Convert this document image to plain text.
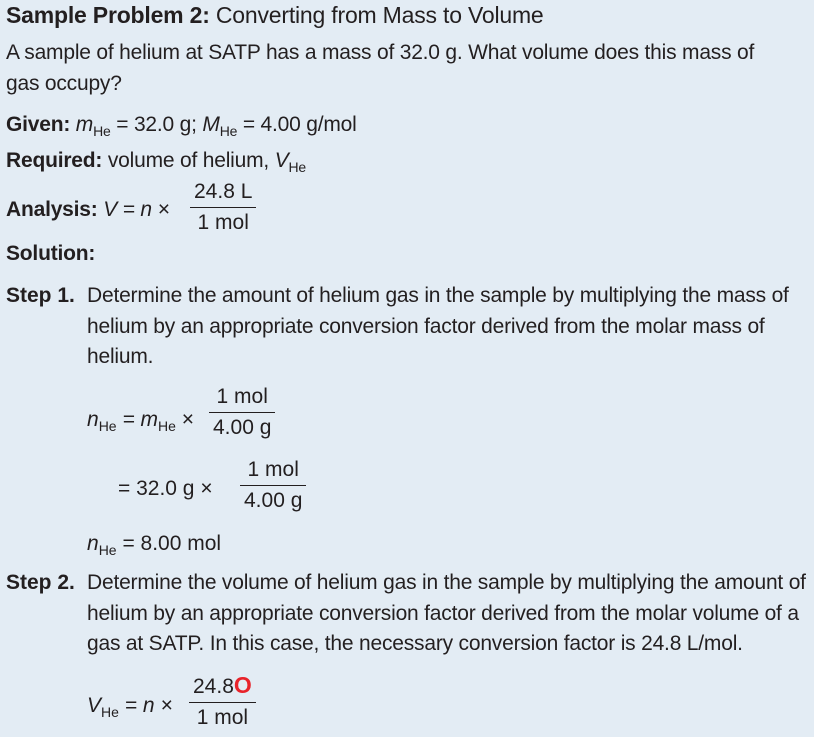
Sample Problem 2: Converting from Mass to Volume
A sample of helium at SATP has a mass of 32.0 g. What volume does this mass of
gas occupy?
Given: $m_{He} = 32.0$ g; $M_{He} = 4.00$ g/mol
Required: volume of helium, $V_{He}$
Analysis: V = n ×
24.8 L
1 mol
Solution:
Step 1. Determine the amount of helium gas in the sample by multiplying the mass of helium by an appropriate conversion factor derived from the molar mass of helium.
$n_{He} = m_{He}$ ×
1 mol
4.00 g
= 32.0 g ×
1 mol
4.00 g
$n_{He} = 8.00$ mol
Step 2. Determine the volume of helium gas in the sample by multiplying the amount of helium by an appropriate conversion factor derived from the molar volume of a gas at SATP. In this case, the necessary conversion factor is 24.8 L/mol.
$V_{He} = n$ ×
24.8O
1 mol
